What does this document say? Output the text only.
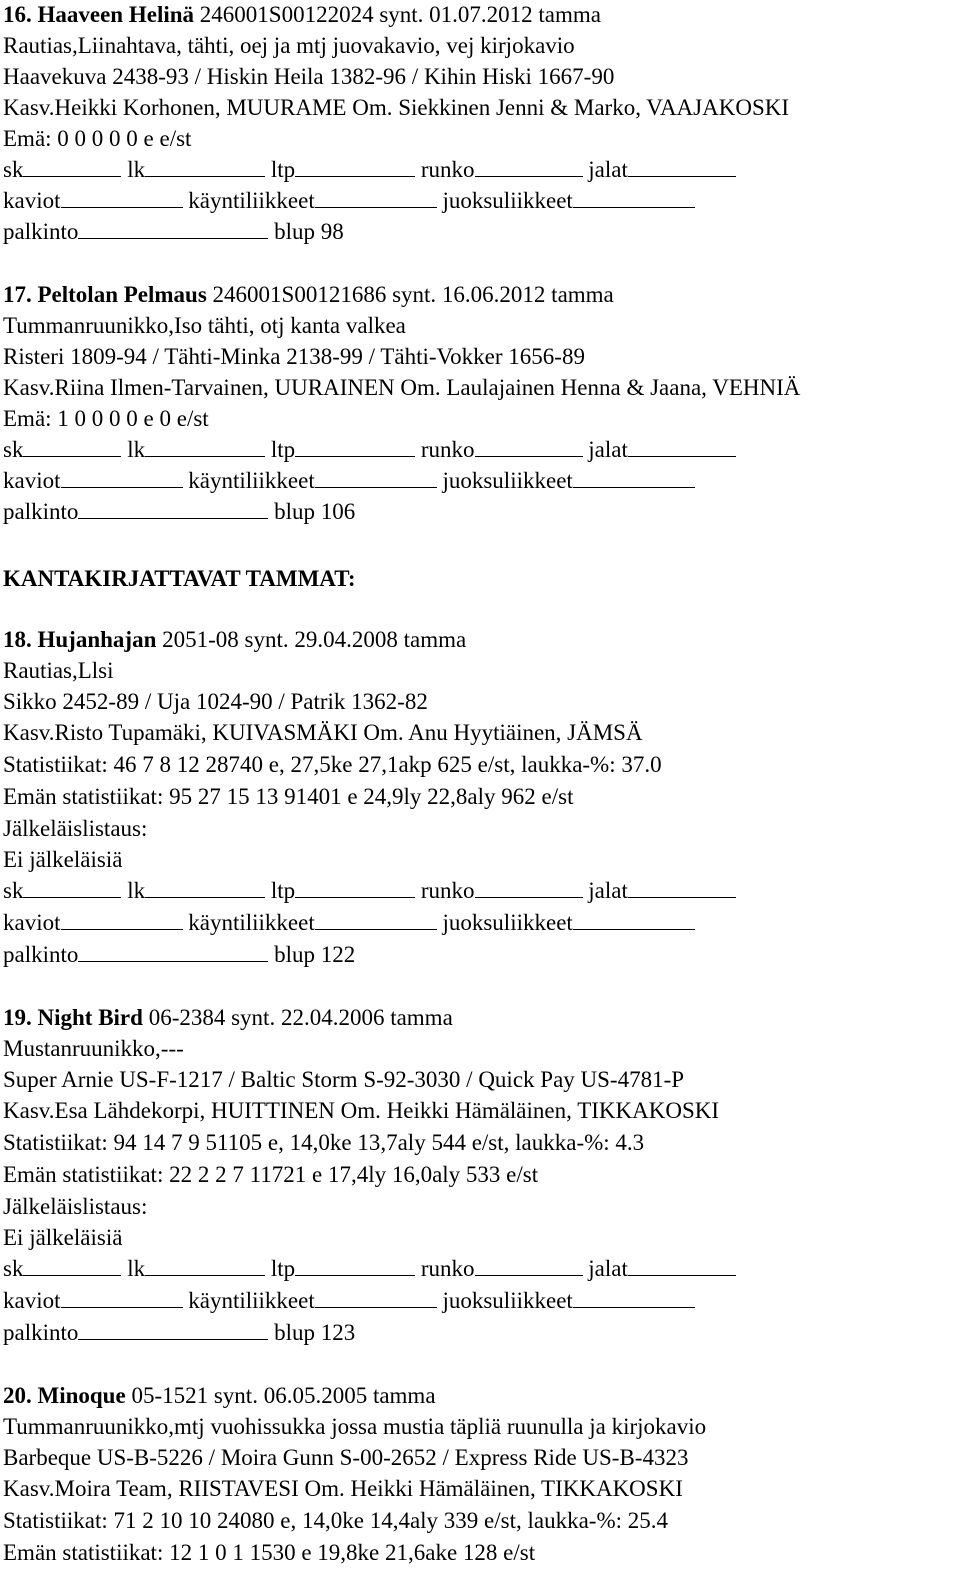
16. Haaveen Helinä 246001S00122024 synt. 01.07.2012 tamma
Rautias,Liinahtava, tähti, oej ja mtj juovakavio, vej kirjokavio
Haavekuva 2438-93 / Hiskin Heila 1382-96 / Kihin Hiski 1667-90
Kasv.Heikki Korhonen, MUURAME Om. Siekkinen Jenni & Marko, VAAJAKOSKI
Emä: 0 0 0 0 0 e e/st
sk	lk	ltp	runko	jalat
kaviot	käyntiliikkeet	juoksuliikkeet
palkinto	blup 98
17. Peltolan Pelmaus 246001S00121686 synt. 16.06.2012 tamma
Tummanruunikko,Iso tähti, otj kanta valkea
Risteri 1809-94 / Tähti-Minka 2138-99 / Tähti-Vokker 1656-89
Kasv.Riina Ilmen-Tarvainen, UURAINEN Om. Laulajainen Henna & Jaana, VEHNIÄ
Emä: 1 0 0 0 0 e 0 e/st
sk	lk	ltp	runko	jalat
kaviot	käyntiliikkeet	juoksuliikkeet
palkinto	blup 106
KANTAKIRJATTAVAT TAMMAT:
18. Hujanhajan 2051-08 synt. 29.04.2008 tamma
Rautias,Llsi
Sikko 2452-89 / Uja 1024-90 / Patrik 1362-82
Kasv.Risto Tupamäki, KUIVASMÄKI Om. Anu Hyytiäinen, JÄMSÄ
Statistiikat: 46 7 8 12 28740 e, 27,5ke 27,1akp 625 e/st, laukka-%: 37.0
Emän statistiikat: 95 27 15 13 91401 e 24,9ly 22,8aly 962 e/st
Jälkeläislistaus:
Ei jälkeläisiä
sk	lk	ltp	runko	jalat
kaviot	käyntiliikkeet	juoksuliikkeet
palkinto	blup 122
19. Night Bird 06-2384 synt. 22.04.2006 tamma
Mustanruunikko,---
Super Arnie US-F-1217 / Baltic Storm S-92-3030 / Quick Pay US-4781-P
Kasv.Esa Lähdekorpi, HUITTINEN Om. Heikki Hämäläinen, TIKKAKOSKI
Statistiikat: 94 14 7 9 51105 e, 14,0ke 13,7aly 544 e/st, laukka-%: 4.3
Emän statistiikat: 22 2 2 7 11721 e 17,4ly 16,0aly 533 e/st
Jälkeläislistaus:
Ei jälkeläisiä
sk	lk	ltp	runko	jalat
kaviot	käyntiliikkeet	juoksuliikkeet
palkinto	blup 123
20. Minoque 05-1521 synt. 06.05.2005 tamma
Tummanruunikko,mtj vuohissukka jossa mustia täpliä ruunulla ja kirjokavio
Barbeque US-B-5226 / Moira Gunn S-00-2652 / Express Ride US-B-4323
Kasv.Moira Team, RIISTAVESI Om. Heikki Hämäläinen, TIKKAKOSKI
Statistiikat: 71 2 10 10 24080 e, 14,0ke 14,4aly 339 e/st, laukka-%: 25.4
Emän statistiikat: 12 1 0 1 1530 e 19,8ke 21,6ake 128 e/st
